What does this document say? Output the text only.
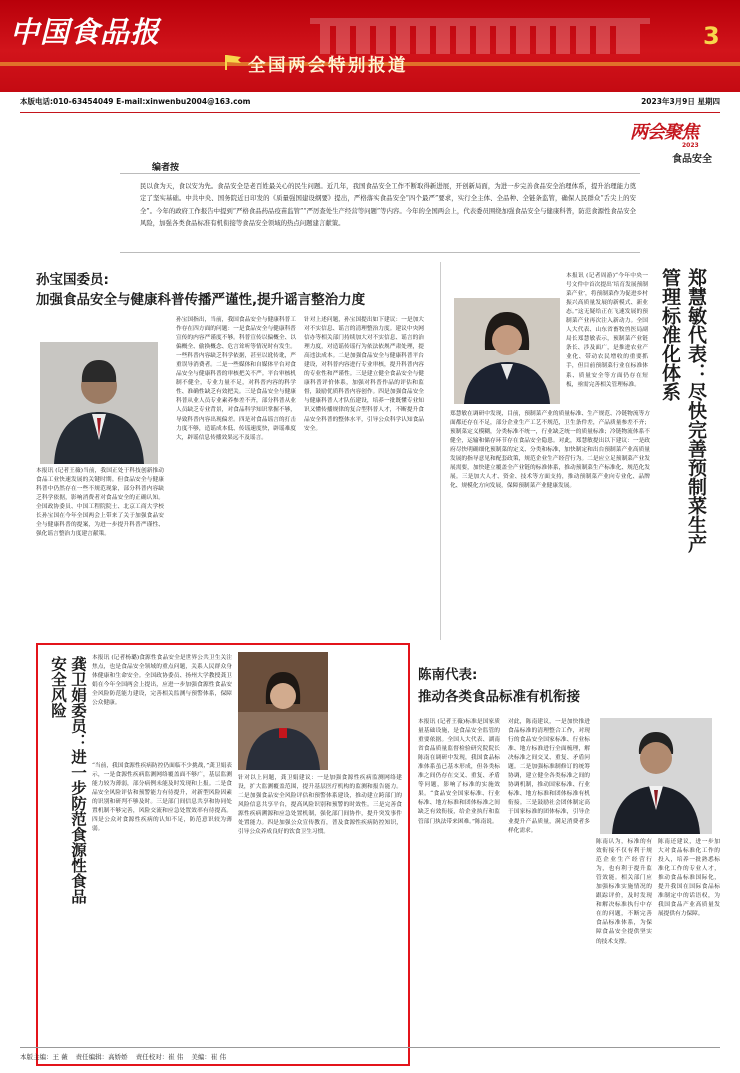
中国食品报
全国两会特别报道
3
本版电话:010-63454049 E-mail:xinwenbu2004@163.com	2023年3月9日 星期四
两会聚焦
2023
食品安全
编者按
民以食为天，食以安为先。食品安全是老百姓最关心的民生问题。近几年，我国食品安全工作不断取得新进展，开创新局面，为进一步完善食品安全治理体系，提升治理能力奠定了坚实基础。中共中央、国务院近日印发的《质量强国建设纲要》提出，严格落实食品安全“四个最严”要求，实行全主体、全品种、全链条监管，确保人民群众“舌尖上的安全”。今年的政府工作报告中提到“严格食品药品疫苗监管”“严厉查处生产经营等问题”等内容。今年的全国两会上，代表委员围绕加强食品安全与健康科普，防范食源性食品安全风险，加强各类食品标准有机衔接等食品安全领域的热点问题建言献策。
孙宝国委员:
加强食品安全与健康科普传播严谨性,提升谣言整治力度
本报讯 (记者王薇)当前，我国正处于科技创新推动食品工业快速发展的关键时期。但食品安全与健康科普中仍然存在一些不规范现象，部分科普内容缺乏科学依据，影响消费者对食品安全的正确认知。全国政协委员、中国工程院院士、北京工商大学校长孙宝国在今年全国两会上带来了关于加强食品安全与健康科普的提案，为进一步提升科普严谨性、强化谣言整治力度建言献策。
孙宝国指出，当前，我国食品安全与健康科普工作存在四方面的问题：一是食品安全与健康科普宣传的内容严谨度不够。科普宣传以偏概全、以偏概全、偷换概念、危言耸听等情况时有发生。一些科普内容缺乏科学依据，甚至以讹传讹，严重误导消费者。二是一些媒体和自媒体平台对食品安全与健康科普的审核把关不严。平台审核机制不健全，专业力量不足，对科普内容的科学性、准确性缺乏有效把关。三是食品安全与健康科普从业人员专业素养参差不齐，部分科普从业人员缺乏专业背景，对食品科学知识掌握不够，导致科普内容出现偏差。四是对食品谣言的打击力度不够，造谣成本低、传谣速度快，辟谣难度大，辟谣信息传播效果远不及谣言。
针对上述问题，孙宝国提出如下建议：一是加大对不实信息、谣言的清理整治力度。建议中央网信办等相关部门持续加大对不实信息、谣言的治理力度，对造谣传谣行为依法依规严肃处理，提高违法成本。二是加强食品安全与健康科普平台建设，对科普内容进行专业审核，提升科普内容的专业性和严谨性。三是建立健全食品安全与健康科普评价体系，加强对科普作品的评估和监督，鼓励优质科普内容创作。四是加强食品安全与健康科普人才队伍建设，培养一批既懂专业知识又懂传播规律的复合型科普人才，不断提升食品安全科普的整体水平，引导公众科学认知食品安全。	郑慧敏代表：尽快完善预制菜生产管理标准化体系
本报讯 (记者周游)“今年中央一号文件中首次提出‘培育发展预制菜产业’，将预制菜作为促进乡村振兴高质量发展的新模式、新业态。”这无疑给正在飞速发展的预制菜产业再次注入新动力。全国人大代表、山东省畜牧兽医局副局长郑慧敏表示，预制菜产业链条长、涉及面广，是推进农业产业化、带动农民增收的重要抓手，但目前预制菜行业在标准体系、质量安全等方面仍存在短板，亟需完善相关管理标准。
郑慧敏在调研中发现，目前，预制菜产业的质量标准、生产规范、冷链物流等方面都还存在不足，部分企业生产工艺不规范，卫生条件差，产品质量参差不齐；预制菜定义模糊，分类标准不统一，行业缺乏统一的质量标准；冷链物流体系不健全，运输和储存环节存在食品安全隐患。对此，郑慧敏提出以下建议：一是政府尽快明确细化预制菜的定义、分类和标准，加快制定和出台预制菜产业高质量发展的指导意见和配套政策，规范企业生产经营行为。二是应立足预制菜产业发展需要，加快建立覆盖全产业链的标准体系，推动预制菜生产标准化、规范化发展。三是加大人才、资金、技术等方面支持，推动预制菜产业向专业化、品牌化、规模化方向发展，保障预制菜产业健康发展。
龚卫娟委员：进一步防范食源性食品安全风险	本报讯 (记者杨璐)食源性食品安全是世界公共卫生关注焦点，也是食品安全领域的重点问题，关系人民群众身体健康和生命安全。全国政协委员、扬州大学教授龚卫娟在今年全国两会上提出，应进一步加强食源性食品安全风险防范能力建设，完善相关监测与预警体系，保障公众健康。
“当前，我国食源性疾病防控仍面临不少挑战，”龚卫娟表示，一是食源性疾病监测网络覆盖面不够广，基层监测能力较为薄弱，部分病例未能及时发现和上报。二是食品安全风险评估和预警能力有待提升，对新型风险因素的识别和研判不够及时。三是部门间信息共享和协同处置机制不够完善，风险交流和应急处置效率有待提高。四是公众对食源性疾病的认知不足，防范意识较为薄弱。
针对以上问题，龚卫娟建议：一是加强食源性疾病监测网络建设，扩大监测覆盖范围，提升基层医疗机构的监测和报告能力。二是加强食品安全风险评估和预警体系建设，推动建立跨部门的风险信息共享平台，提高风险识别和预警的时效性。三是完善食源性疾病溯源和应急处置机制，强化部门间协作，提升突发事件处置能力。四是加强公众宣传教育，普及食源性疾病防控知识，引导公众养成良好的饮食卫生习惯。
陈南代表:
推动各类食品标准有机衔接
本报讯 (记者王薇)标准是国家质量基础设施，是食品安全监管的重要依据。全国人大代表、湖南省食品质量监督检验研究院院长陈南在调研中发现，我国食品标准体系虽已基本形成，但各类标准之间仍存在交叉、重复、矛盾等问题，影响了标准的实施效果。“食品安全国家标准、行业标准、地方标准和团体标准之间缺乏有效衔接，给企业执行和监管部门执法带来困难。”陈南说。
对此，陈南建议，一是加快推进食品标准的清理整合工作，对现行的食品安全国家标准、行业标准、地方标准进行全面梳理，解决标准之间交叉、重复、矛盾问题。二是加强标准制修订的统筹协调，建立健全各类标准之间的协调机制，推动国家标准、行业标准、地方标准和团体标准有机衔接。三是鼓励社会团体制定高于国家标准的团体标准，引导企业提升产品质量，满足消费者多样化需求。
陈南认为，标准的有效衔接不仅有利于规范企业生产经营行为，也有利于提升监管效能。相关部门应加强标准实施情况的跟踪评价，及时发现和解决标准执行中存在的问题，不断完善食品标准体系，为保障食品安全提供坚实的技术支撑。
陈南还建议，进一步加大对食品标准化工作的投入，培养一批熟悉标准化工作的专业人才，推动食品标准国际化，提升我国在国际食品标准制定中的话语权，为我国食品产业高质量发展提供有力保障。
本版主编：王 薇 责任编辑：高娇娇 责任校对：崔 伟 美编：崔 伟
